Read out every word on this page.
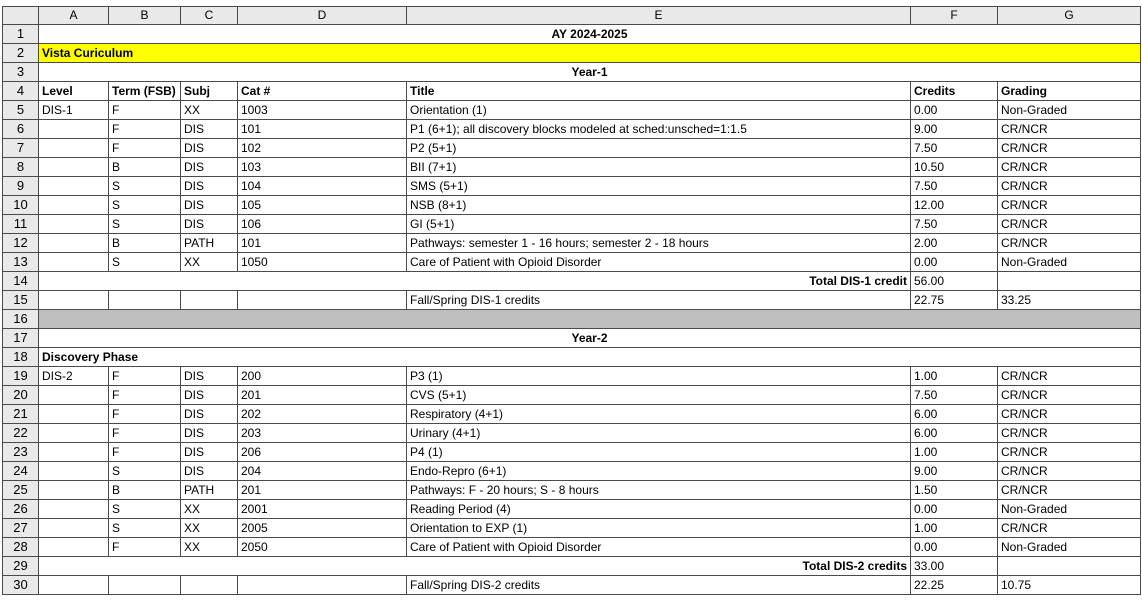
	A	B	C	D	E	F	G
1	AY 2024-2025						
2	Vista Curiculum						
3	Year-1						
4	Level	Term (FSB)	Subj	Cat #	Title	Credits	Grading
5	DIS-1	F	XX	1003	Orientation (1)	0.00	Non-Graded
6		F	DIS	101	P1 (6+1); all discovery blocks modeled at sched:unsched=1:1.5	9.00	CR/NCR
7		F	DIS	102	P2 (5+1)	7.50	CR/NCR
8		B	DIS	103	BII (7+1)	10.50	CR/NCR
9		S	DIS	104	SMS (5+1)	7.50	CR/NCR
10		S	DIS	105	NSB (8+1)	12.00	CR/NCR
11		S	DIS	106	GI (5+1)	7.50	CR/NCR
12		B	PATH	101	Pathways: semester 1 - 16 hours; semester 2 - 18 hours	2.00	CR/NCR
13		S	XX	1050	Care of Patient with Opioid Disorder	0.00	Non-Graded
14	Total DIS-1 credit					56.00	
15					Fall/Spring DIS-1 credits	22.75	33.25
16							
17	Year-2						
18	Discovery Phase						
19	DIS-2	F	DIS	200	P3 (1)	1.00	CR/NCR
20		F	DIS	201	CVS (5+1)	7.50	CR/NCR
21		F	DIS	202	Respiratory (4+1)	6.00	CR/NCR
22		F	DIS	203	Urinary (4+1)	6.00	CR/NCR
23		F	DIS	206	P4 (1)	1.00	CR/NCR
24		S	DIS	204	Endo-Repro (6+1)	9.00	CR/NCR
25		B	PATH	201	Pathways: F - 20 hours; S - 8 hours	1.50	CR/NCR
26		S	XX	2001	Reading Period (4)	0.00	Non-Graded
27		S	XX	2005	Orientation to EXP (1)	1.00	CR/NCR
28		F	XX	2050	Care of Patient with Opioid Disorder	0.00	Non-Graded
29	Total DIS-2 credits					33.00	
30					Fall/Spring DIS-2 credits	22.25	10.75
